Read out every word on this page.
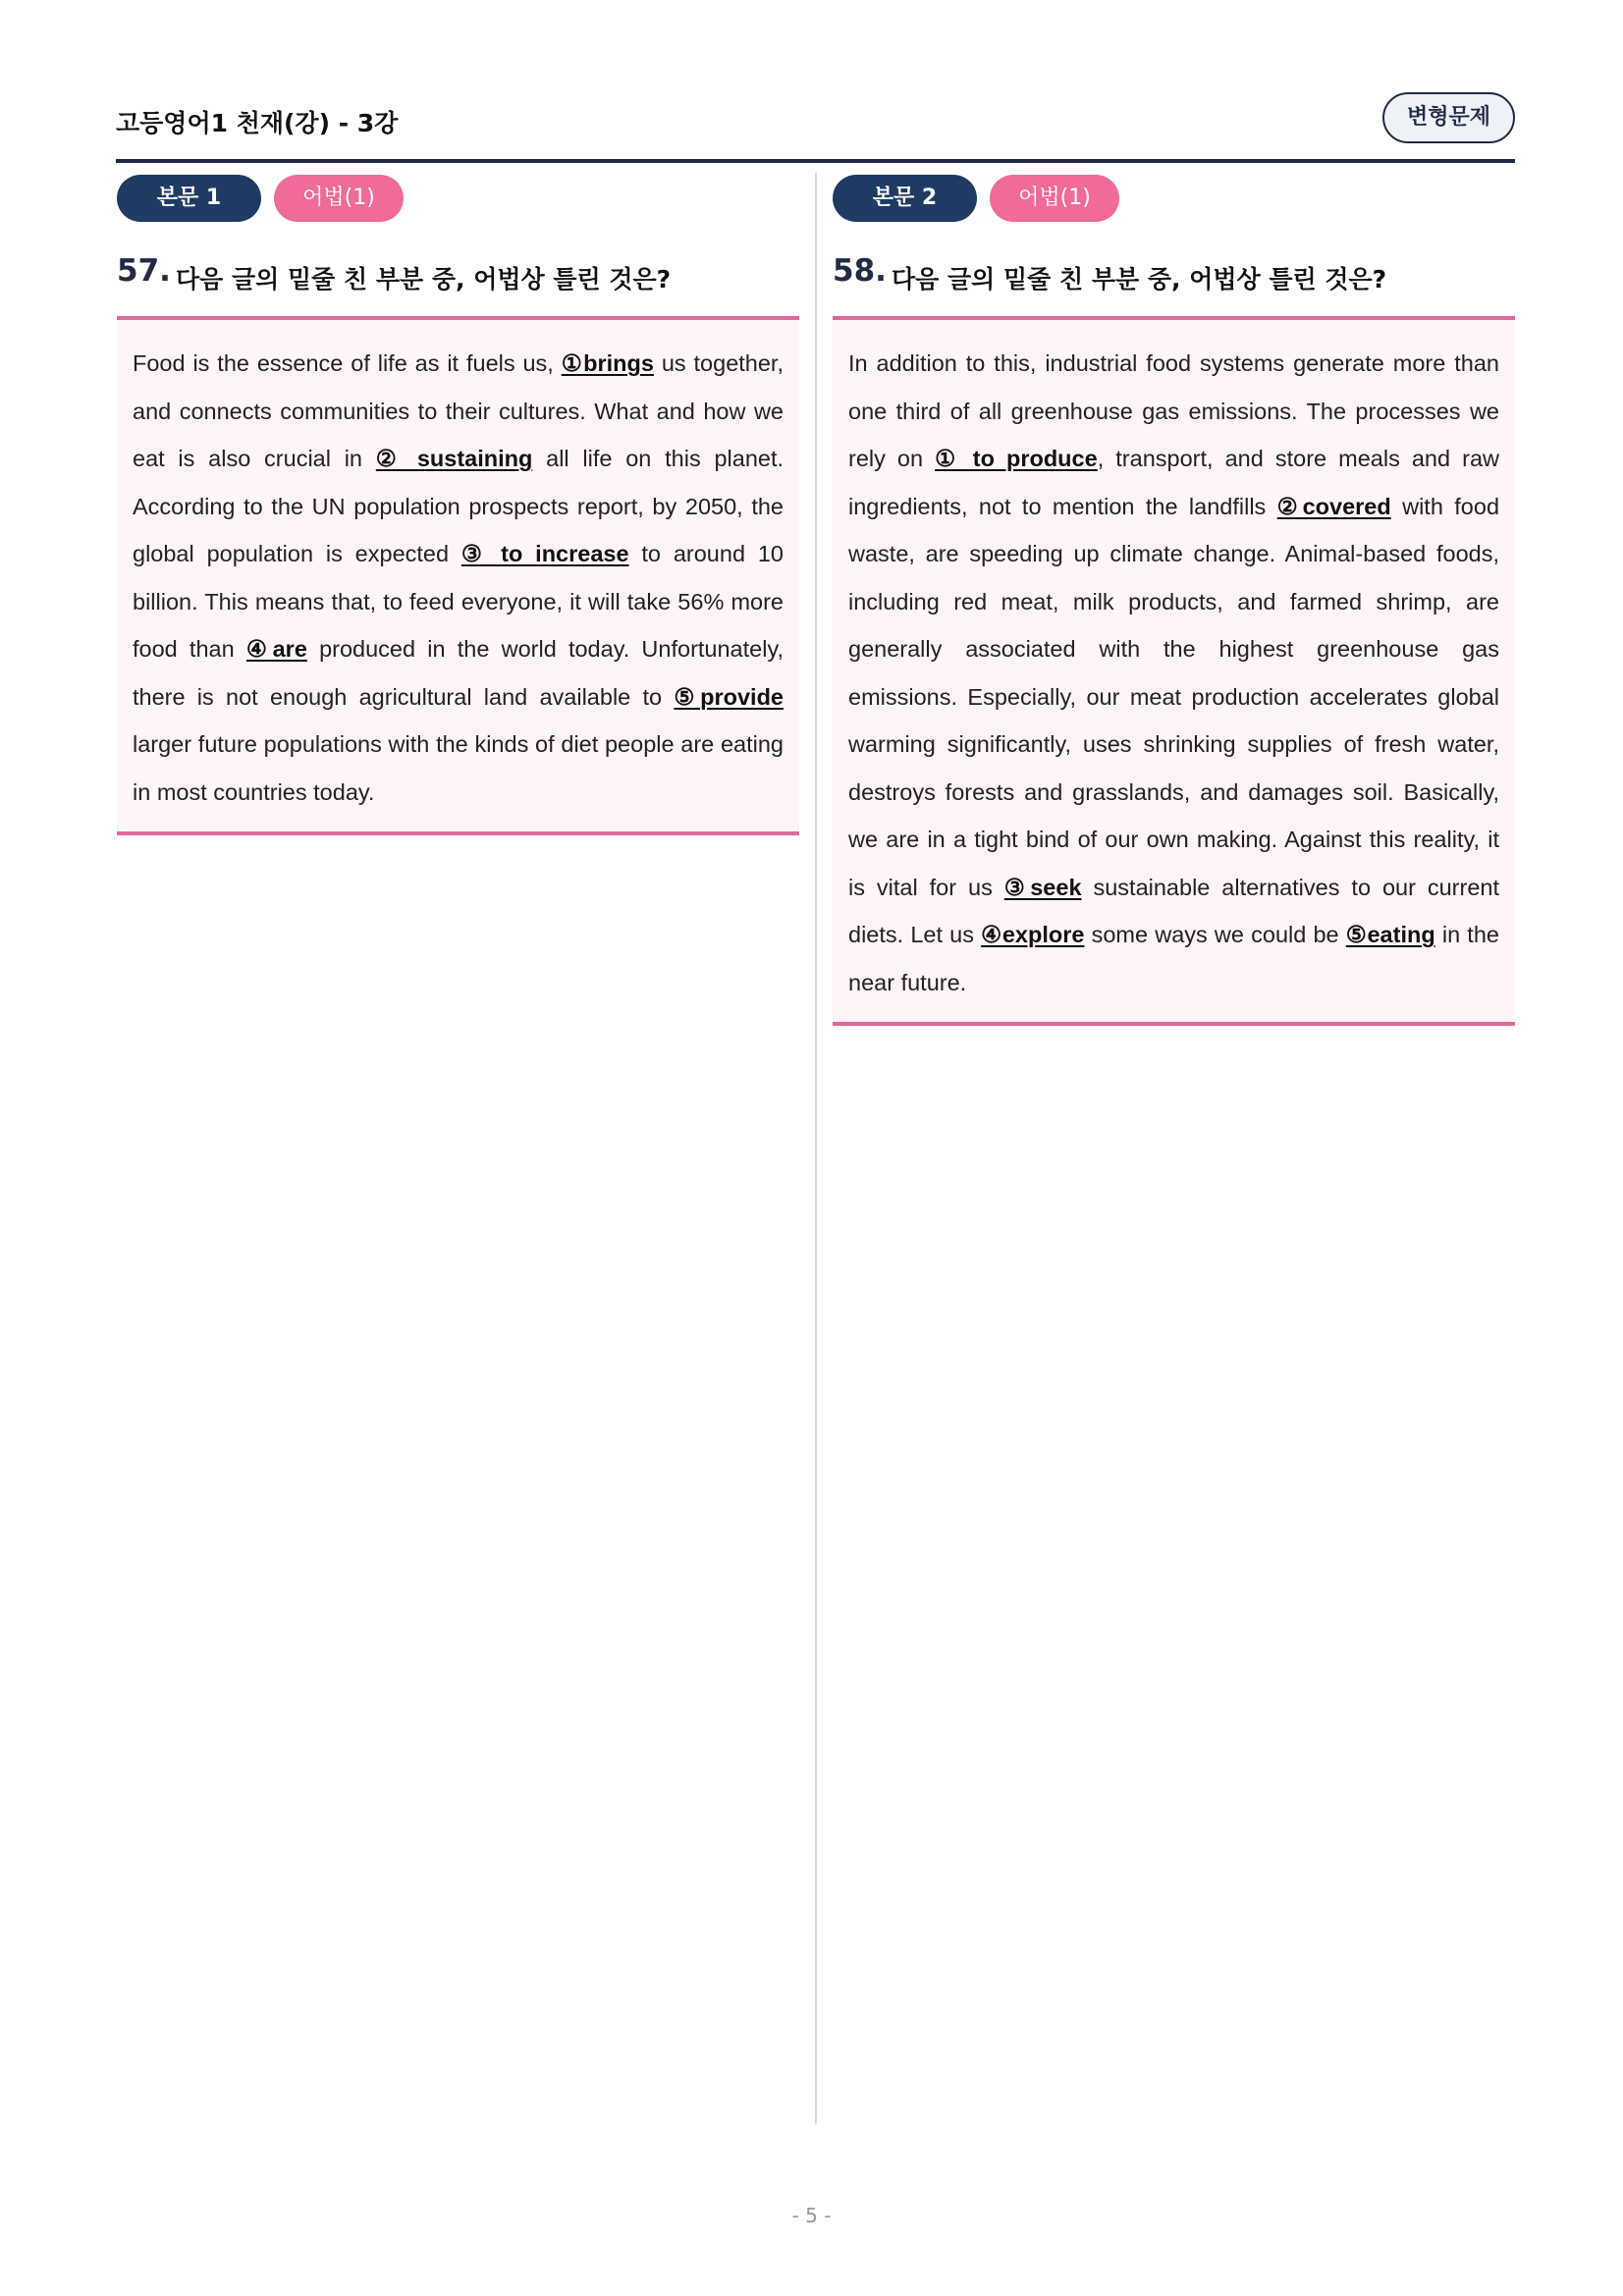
고등영어1 천재(강) - 3강	변형문제
본문 1	어법(1)
57. 다음 글의 밑줄 친 부분 중, 어법상 틀린 것은?
Food is the essence of life as it fuels us, ①brings us together, and connects communities to their cultures. What and how we eat is also crucial in ② sustaining all life on this planet. According to the UN population prospects report, by 2050, the global population is expected ③ to increase to around 10 billion. This means that, to feed everyone, it will take 56% more food than ④are produced in the world today. Unfortunately, there is not enough agricultural land available to ⑤provide larger future populations with the kinds of diet people are eating in most countries today.
본문 2	어법(1)
58. 다음 글의 밑줄 친 부분 중, 어법상 틀린 것은?
In addition to this, industrial food systems generate more than one third of all greenhouse gas emissions. The processes we rely on ① to produce, transport, and store meals and raw ingredients, not to mention the landfills ②covered with food waste, are speeding up climate change. Animal-based foods, including red meat, milk products, and farmed shrimp, are generally associated with the highest greenhouse gas emissions. Especially, our meat production accelerates global warming significantly, uses shrinking supplies of fresh water, destroys forests and grasslands, and damages soil. Basically, we are in a tight bind of our own making. Against this reality, it is vital for us ③seek sustainable alternatives to our current diets. Let us ④explore some ways we could be ⑤eating in the near future.
- 5 -
